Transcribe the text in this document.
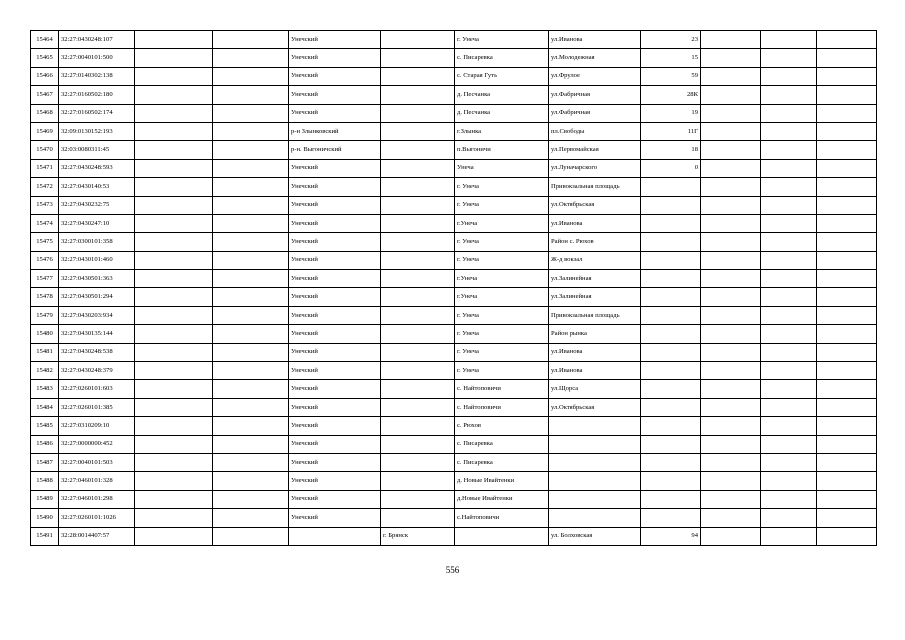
15464	32:27:0430248:107			Унечский		г. Унеча	ул.Иванова	23			
15465	32:27:0040101:500			Унечский		с. Писаревка	ул.Молодежная	15			
15466	32:27:0140302:138			Унечский		с. Старая Гуть	ул.Фрулое	59			
15467	32:27:0160502:180			Унечский		д. Песчанка	ул.Фабричная	28К			
15468	32:27:0160502:174			Унечский		д. Песчанка	ул.Фабричная	19			
15469	32:09:0130152:193			р-н Злынковский		г.Злынка	пл.Свободы	11Г			
15470	32:03:0080311:45			р-н. Выгоничский		п.Выгоничи	ул.Первомайская	18			
15471	32:27:0430248:593			Унечский		Унеча	ул.Луначарского	0			
15472	32:27:0430140:53			Унечский		г. Унеча	Привокзальная площадь				
15473	32:27:0430232:75			Унечский		г. Унеча	ул.Октябрьская				
15474	32:27:0430247:10			Унечский		г.Унеча	ул.Иванова				
15475	32:27:0300101:358			Унечский		г. Унеча	Район с. Рюхов				
15476	32:27:0430101:460			Унечский		г. Унеча	Ж-д вокзал				
15477	32:27:0430501:363			Унечский		г.Унеча	ул.Залинейная				
15478	32:27:0430501:294			Унечский		г.Унеча	ул.Залинейная				
15479	32:27:0430203:934			Унечский		г. Унеча	Привокзальная площадь				
15480	32:27:0430135:144			Унечский		г. Унеча	Район рынка				
15481	32:27:0430248:538			Унечский		г. Унеча	ул.Иванова				
15482	32:27:0430248:379			Унечский		г. Унеча	ул.Иванова				
15483	32:27:0260101:603			Унечский		с. Найтоповичи	ул.Щорса				
15484	32:27:0260101:385			Унечский		с. Найтоповичи	ул.Октябрьская				
15485	32:27:0310209:10			Унечский		с. Рюхов					
15486	32:27:0000000:452			Унечский		с. Писаревка					
15487	32:27:0040101:503			Унечский		с. Писаревка					
15488	32:27:0460101:328			Унечский		д. Новые Ивайтенки					
15489	32:27:0460101:298			Унечский		д.Новые Ивайтенки					
15490	32:27:0260101:1026			Унечский		с.Найтоповичи					
15491	32:28:0014407:57				г. Брянск		ул. Болховская	94			
556
